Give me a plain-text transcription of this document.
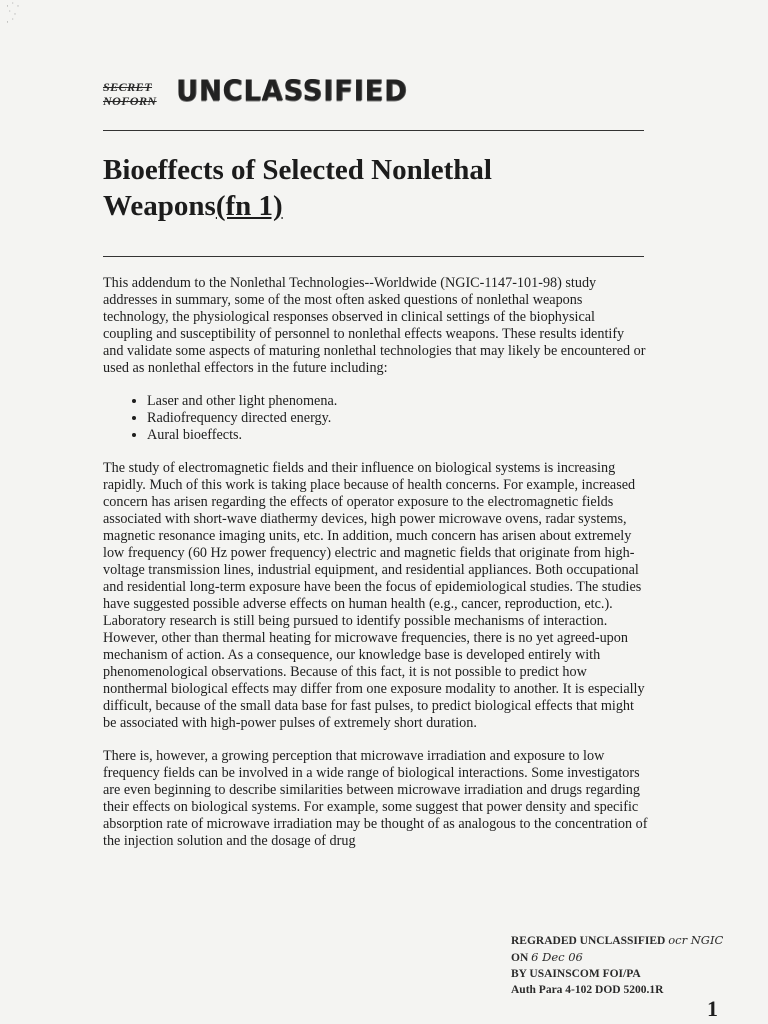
· ˙ ·
˙ ·
· ˙
SECRET
NOFORN UNCLASSIFIED
Bioeffects of Selected Nonlethal Weapons(fn 1)

This addendum to the Nonlethal Technologies--Worldwide (NGIC-1147-101-98) study addresses in summary, some of the most often asked questions of nonlethal weapons technology, the physiological responses observed in clinical settings of the biophysical coupling and susceptibility of personnel to nonlethal effects weapons. These results identify and validate some aspects of maturing nonlethal technologies that may likely be encountered or used as nonlethal effectors in the future including:

• Laser and other light phenomena.
• Radiofrequency directed energy.
• Aural bioeffects.

The study of electromagnetic fields and their influence on biological systems is increasing rapidly. Much of this work is taking place because of health concerns. For example, increased concern has arisen regarding the effects of operator exposure to the electromagnetic fields associated with short-wave diathermy devices, high power microwave ovens, radar systems, magnetic resonance imaging units, etc. In addition, much concern has arisen about extremely low frequency (60 Hz power frequency) electric and magnetic fields that originate from high-voltage transmission lines, industrial equipment, and residential appliances. Both occupational and residential long-term exposure have been the focus of epidemiological studies. The studies have suggested possible adverse effects on human health (e.g., cancer, reproduction, etc.). Laboratory research is still being pursued to identify possible mechanisms of interaction. However, other than thermal heating for microwave frequencies, there is no yet agreed-upon mechanism of action. As a consequence, our knowledge base is developed entirely with phenomenological observations. Because of this fact, it is not possible to predict how nonthermal biological effects may differ from one exposure modality to another. It is especially difficult, because of the small data base for fast pulses, to predict biological effects that might be associated with high-power pulses of extremely short duration.

There is, however, a growing perception that microwave irradiation and exposure to low frequency fields can be involved in a wide range of biological interactions. Some investigators are even beginning to describe similarities between microwave irradiation and drugs regarding their effects on biological systems. For example, some suggest that power density and specific absorption rate of microwave irradiation may be thought of as analogous to the concentration of the injection solution and the dosage of drug

REGRADED UNCLASSIFIED ocr NGIC
ON 6 Dec 06
BY USAINSCOM FOI/PA
Auth Para 4-102 DOD 5200.1R
1
